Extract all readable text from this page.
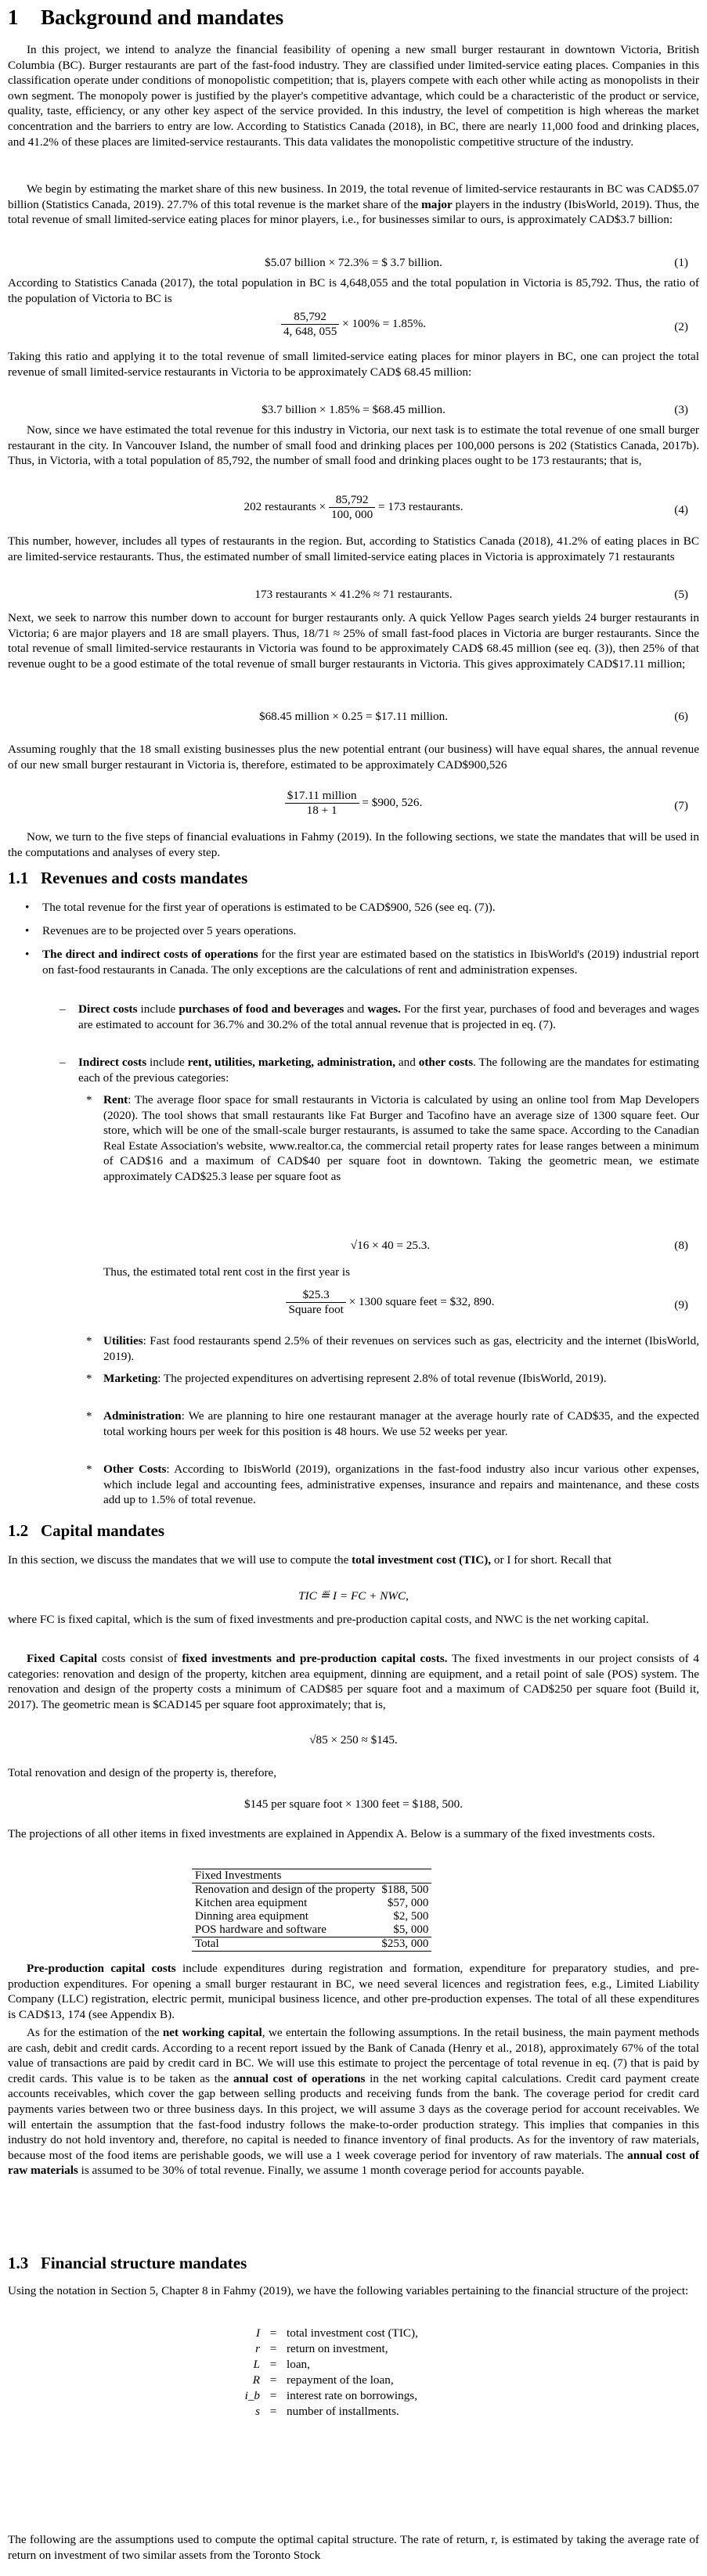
1 Background and mandates

In this project, we intend to analyze the financial feasibility of opening a new small burger restaurant in downtown Victoria, British Columbia (BC). Burger restaurants are part of the fast-food industry. They are classified under limited-service eating places. Companies in this classification operate under conditions of monopolistic competition; that is, players compete with each other while acting as monopolists in their own segment. The monopoly power is justified by the player's competitive advantage, which could be a characteristic of the product or service, quality, taste, efficiency, or any other key aspect of the service provided. In this industry, the level of competition is high whereas the market concentration and the barriers to entry are low. According to Statistics Canada (2018), in BC, there are nearly 11,000 food and drinking places, and 41.2% of these places are limited-service restaurants. This data validates the monopolistic competitive structure of the industry.

We begin by estimating the market share of this new business. In 2019, the total revenue of limited-service restaurants in BC was CAD$5.07 billion (Statistics Canada, 2019). 27.7% of this total revenue is the market share of the major players in the industry (IbisWorld, 2019). Thus, the total revenue of small limited-service eating places for minor players, i.e., for businesses similar to ours, is approximately CAD$3.7 billion:

$5.07 billion × 72.3% = $ 3.7 billion.	(1)

According to Statistics Canada (2017), the total population in BC is 4,648,055 and the total population in Victoria is 85,792. Thus, the ratio of the population of Victoria to BC is

$\frac{85,792}{4, 648, 055} \times 100\% = 1.85\%$.	(2)

Taking this ratio and applying it to the total revenue of small limited-service eating places for minor players in BC, one can project the total revenue of small limited-service restaurants in Victoria to be approximately CAD$ 68.45 million:

$3.7 billion × 1.85% = $68.45 million.	(3)

Now, since we have estimated the total revenue for this industry in Victoria, our next task is to estimate the total revenue of one small burger restaurant in the city. In Vancouver Island, the number of small food and drinking places per 100,000 persons is 202 (Statistics Canada, 2017b). Thus, in Victoria, with a total population of 85,792, the number of small food and drinking places ought to be 173 restaurants; that is,

202 restaurants × $\frac{85,792}{100, 000} = 173$ restaurants.	(4)

This number, however, includes all types of restaurants in the region. But, according to Statistics Canada (2018), 41.2% of eating places in BC are limited-service restaurants. Thus, the estimated number of small limited-service eating places in Victoria is approximately 71 restaurants

173 restaurants × 41.2% ≈ 71 restaurants.	(5)

Next, we seek to narrow this number down to account for burger restaurants only. A quick Yellow Pages search yields 24 burger restaurants in Victoria; 6 are major players and 18 are small players. Thus, 18/71 ≈ 25% of small fast-food places in Victoria are burger restaurants. Since the total revenue of small limited-service restaurants in Victoria was found to be approximately CAD$ 68.45 million (see eq. (3)), then 25% of that revenue ought to be a good estimate of the total revenue of small burger restaurants in Victoria. This gives approximately CAD$17.11 million;

$68.45 million × 0.25 = $17.11 million.	(6)

Assuming roughly that the 18 small existing businesses plus the new potential entrant (our business) will have equal shares, the annual revenue of our new small burger restaurant in Victoria is, therefore, estimated to be approximately CAD$900,526

$\frac{\text{\$17.11 million}}{18 + 1}$ = $900, 526.	(7)

Now, we turn to the five steps of financial evaluations in Fahmy (2019). In the following sections, we state the mandates that will be used in the computations and analyses of every step.

1.1 Revenues and costs mandates
• The total revenue for the first year of operations is estimated to be CAD$900, 526 (see eq. (7)).
• Revenues are to be projected over 5 years operations.
• The direct and indirect costs of operations for the first year are estimated based on the statistics in IbisWorld's (2019) industrial report on fast-food restaurants in Canada. The only exceptions are the calculations of rent and administration expenses.
– Direct costs include purchases of food and beverages and wages. For the first year, purchases of food and beverages and wages are estimated to account for 36.7% and 30.2% of the total annual revenue that is projected in eq. (7).
– Indirect costs include rent, utilities, marketing, administration, and other costs. The following are the mandates for estimating each of the previous categories:
* Rent: The average floor space for small restaurants in Victoria is calculated by using an online tool from Map Developers (2020). The tool shows that small restaurants like Fat Burger and Tacofino have an average size of 1300 square feet. Our store, which will be one of the small-scale burger restaurants, is assumed to take the same space. According to the Canadian Real Estate Association's website, www.realtor.ca, the commercial retail property rates for lease ranges between a minimum of CAD$16 and a maximum of CAD$40 per square foot in downtown. Taking the geometric mean, we estimate approximately CAD$25.3 lease per square foot as
√16 × 40 = 25.3.	(8)

Thus, the estimated total rent cost in the first year is

$\frac{\$25.3}{\text{Square foot}} \times 1300$ square feet = $32, 890.	(9)
* Utilities: Fast food restaurants spend 2.5% of their revenues on services such as gas, electricity and the internet (IbisWorld, 2019).
* Marketing: The projected expenditures on advertising represent 2.8% of total revenue (IbisWorld, 2019).
* Administration: We are planning to hire one restaurant manager at the average hourly rate of CAD$35, and the expected total working hours per week for this position is 48 hours. We use 52 weeks per year.
* Other Costs: According to IbisWorld (2019), organizations in the fast-food industry also incur various other expenses, which include legal and accounting fees, administrative expenses, insurance and repairs and maintenance, and these costs add up to 1.5% of total revenue.
1.2 Capital mandates

In this section, we discuss the mandates that we will use to compute the total investment cost (TIC), or I for short. Recall that

TIC ≝ I = FC + NWC,

where FC is fixed capital, which is the sum of fixed investments and pre-production capital costs, and NWC is the net working capital.

Fixed Capital costs consist of fixed investments and pre-production capital costs. The fixed investments in our project consists of 4 categories: renovation and design of the property, kitchen area equipment, dinning are equipment, and a retail point of sale (POS) system. The renovation and design of the property costs a minimum of CAD$85 per square foot and a maximum of CAD$250 per square foot (Build it, 2017). The geometric mean is $CAD145 per square foot approximately; that is,

√85 × 250 ≈ $145.

Total renovation and design of the property is, therefore,

$145 per square foot × 1300 feet = $188, 500.

The projections of all other items in fixed investments are explained in Appendix A. Below is a summary of the fixed investments costs.

Fixed Investments	
Renovation and design of the property	$188, 500
Kitchen area equipment	$57, 000
Dinning area equipment	$2, 500
POS hardware and software	$5, 000
Total	$253, 000

Pre-production capital costs include expenditures during registration and formation, expenditure for preparatory studies, and pre-production expenditures. For opening a small burger restaurant in BC, we need several licences and registration fees, e.g., Limited Liability Company (LLC) registration, electric permit, municipal business licence, and other pre-production expenses. The total of all these expenditures is CAD$13, 174 (see Appendix B).

As for the estimation of the net working capital, we entertain the following assumptions. In the retail business, the main payment methods are cash, debit and credit cards. According to a recent report issued by the Bank of Canada (Henry et al., 2018), approximately 67% of the total value of transactions are paid by credit card in BC. We will use this estimate to project the percentage of total revenue in eq. (7) that is paid by credit cards. This value is to be taken as the annual cost of operations in the net working capital calculations. Credit card payment create accounts receivables, which cover the gap between selling products and receiving funds from the bank. The coverage period for credit card payments varies between two or three business days. In this project, we will assume 3 days as the coverage period for account receivables. We will entertain the assumption that the fast-food industry follows the make-to-order production strategy. This implies that companies in this industry do not hold inventory and, therefore, no capital is needed to finance inventory of final products. As for the inventory of raw materials, because most of the food items are perishable goods, we will use a 1 week coverage period for inventory of raw materials. The annual cost of raw materials is assumed to be 30% of total revenue. Finally, we assume 1 month coverage period for accounts payable.

1.3 Financial structure mandates

Using the notation in Section 5, Chapter 8 in Fahmy (2019), we have the following variables pertaining to the financial structure of the project:

I = total investment cost (TIC),
r = return on investment,
L = loan,
R = repayment of the loan,
i_b = interest rate on borrowings,
s = number of installments.

The following are the assumptions used to compute the optimal capital structure. The rate of return, r, is estimated by taking the average rate of return on investment of two similar assets from the Toronto Stock
